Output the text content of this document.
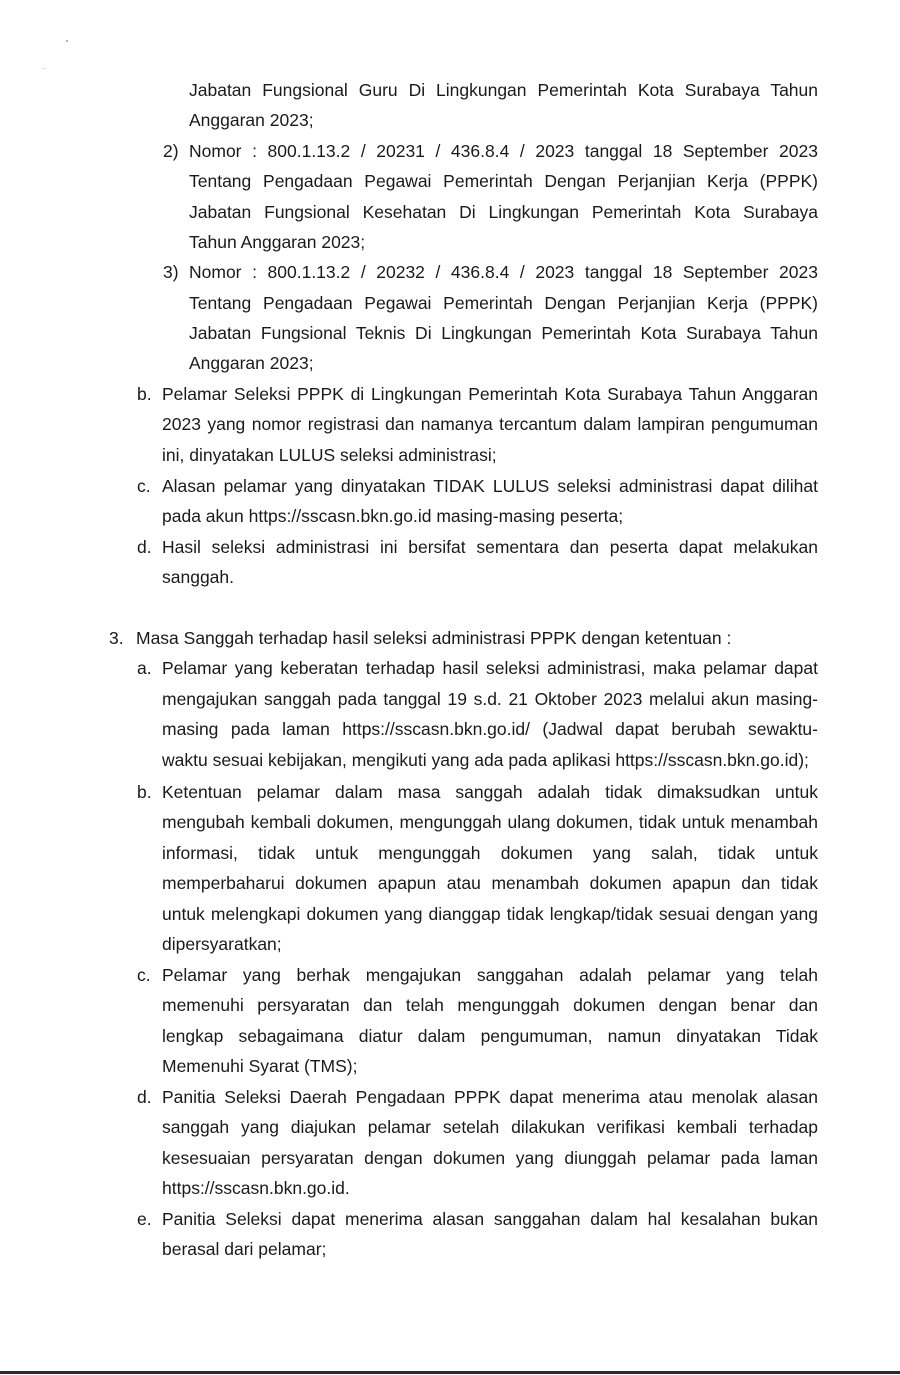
Jabatan Fungsional Guru Di Lingkungan Pemerintah Kota Surabaya Tahun
Anggaran 2023;
2) Nomor : 800.1.13.2 / 20231 / 436.8.4 / 2023 tanggal 18 September 2023
Tentang Pengadaan Pegawai Pemerintah Dengan Perjanjian Kerja (PPPK)
Jabatan Fungsional Kesehatan Di Lingkungan Pemerintah Kota Surabaya
Tahun Anggaran 2023;
3) Nomor : 800.1.13.2 / 20232 / 436.8.4 / 2023 tanggal 18 September 2023
Tentang Pengadaan Pegawai Pemerintah Dengan Perjanjian Kerja (PPPK)
Jabatan Fungsional Teknis Di Lingkungan Pemerintah Kota Surabaya Tahun
Anggaran 2023;
b. Pelamar Seleksi PPPK di Lingkungan Pemerintah Kota Surabaya Tahun Anggaran
2023 yang nomor registrasi dan namanya tercantum dalam lampiran pengumuman
ini, dinyatakan LULUS seleksi administrasi;
c. Alasan pelamar yang dinyatakan TIDAK LULUS seleksi administrasi dapat dilihat
pada akun https://sscasn.bkn.go.id masing-masing peserta;
d. Hasil seleksi administrasi ini bersifat sementara dan peserta dapat melakukan
sanggah.
3. Masa Sanggah terhadap hasil seleksi administrasi PPPK dengan ketentuan :
a. Pelamar yang keberatan terhadap hasil seleksi administrasi, maka pelamar dapat
mengajukan sanggah pada tanggal 19 s.d. 21 Oktober 2023 melalui akun masing-
masing pada laman https://sscasn.bkn.go.id/ (Jadwal dapat berubah sewaktu-
waktu sesuai kebijakan, mengikuti yang ada pada aplikasi https://sscasn.bkn.go.id);
b. Ketentuan pelamar dalam masa sanggah adalah tidak dimaksudkan untuk
mengubah kembali dokumen, mengunggah ulang dokumen, tidak untuk menambah
informasi, tidak untuk mengunggah dokumen yang salah, tidak untuk
memperbaharui dokumen apapun atau menambah dokumen apapun dan tidak
untuk melengkapi dokumen yang dianggap tidak lengkap/tidak sesuai dengan yang
dipersyaratkan;
c. Pelamar yang berhak mengajukan sanggahan adalah pelamar yang telah
memenuhi persyaratan dan telah mengunggah dokumen dengan benar dan
lengkap sebagaimana diatur dalam pengumuman, namun dinyatakan Tidak
Memenuhi Syarat (TMS);
d. Panitia Seleksi Daerah Pengadaan PPPK dapat menerima atau menolak alasan
sanggah yang diajukan pelamar setelah dilakukan verifikasi kembali terhadap
kesesuaian persyaratan dengan dokumen yang diunggah pelamar pada laman
https://sscasn.bkn.go.id.
e. Panitia Seleksi dapat menerima alasan sanggahan dalam hal kesalahan bukan
berasal dari pelamar;
